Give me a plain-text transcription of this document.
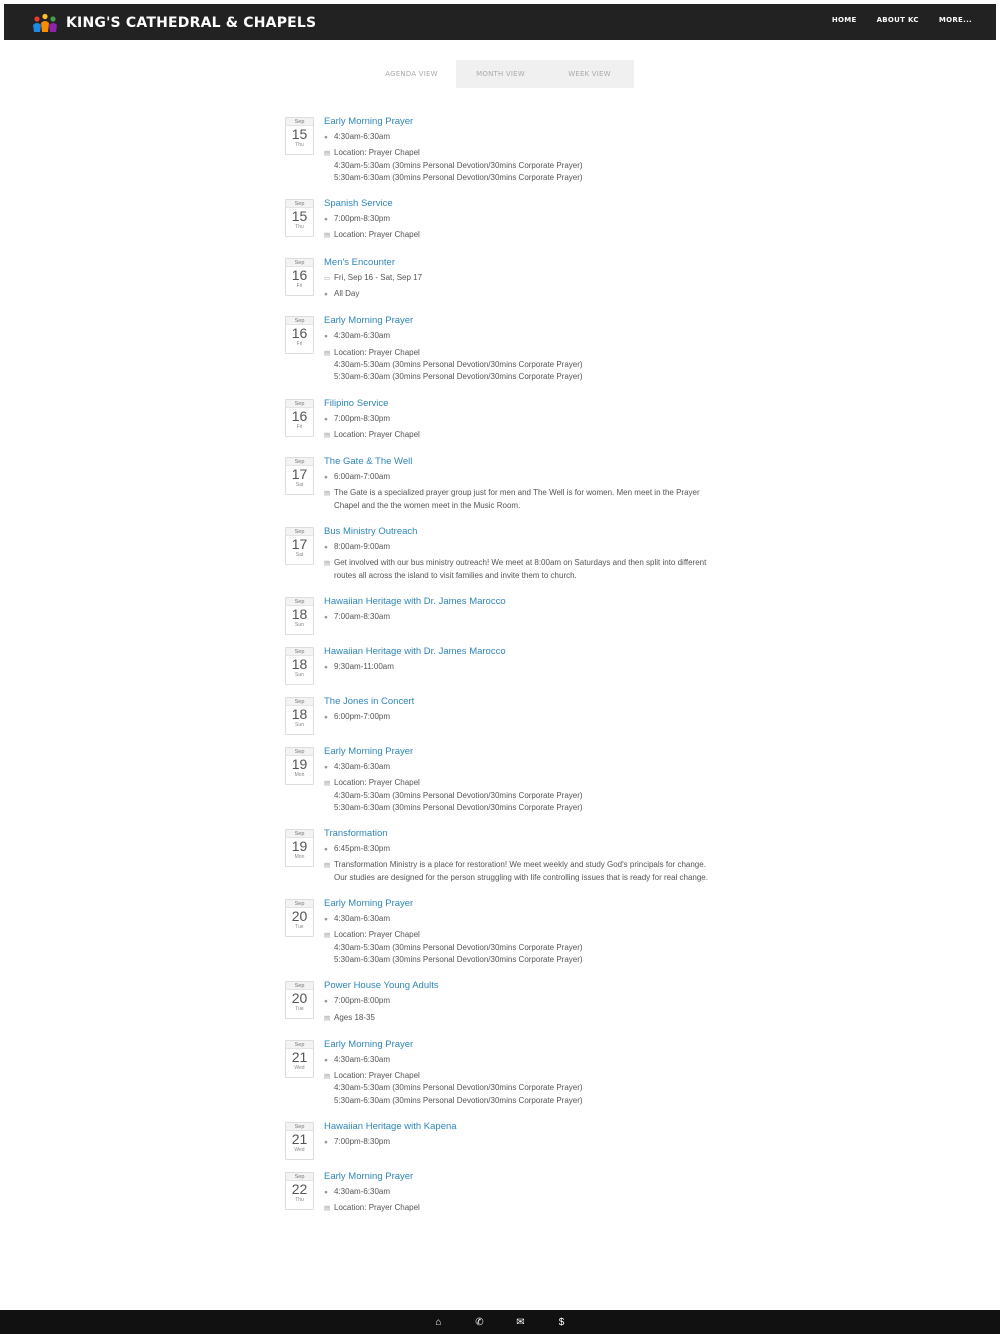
KING'S CATHEDRAL & CHAPELS	HOME	ABOUT KC	MORE...
AGENDA VIEW	MONTH VIEW	WEEK VIEW
Sep
15
Thu
Early Morning Prayer
● 4:30am-6:30am
▤ Location: Prayer Chapel
4:30am-5:30am (30mins Personal Devotion/30mins Corporate Prayer)
5:30am-6:30am (30mins Personal Devotion/30mins Corporate Prayer)
Sep
15
Thu
Spanish Service
● 7:00pm-8:30pm
▤ Location: Prayer Chapel
Sep
16
Fri
Men's Encounter
▭ Fri, Sep 16 - Sat, Sep 17
● All Day
Sep
16
Fri
Early Morning Prayer
● 4:30am-6:30am
▤ Location: Prayer Chapel
4:30am-5:30am (30mins Personal Devotion/30mins Corporate Prayer)
5:30am-6:30am (30mins Personal Devotion/30mins Corporate Prayer)
Sep
16
Fri
Filipino Service
● 7:00pm-8:30pm
▤ Location: Prayer Chapel
Sep
17
Sat
The Gate & The Well
● 6:00am-7:00am
▤ The Gate is a specialized prayer group just for men and The Well is for women. Men meet in the Prayer Chapel and the the women meet in the Music Room.
Sep
17
Sat
Bus Ministry Outreach
● 8:00am-9:00am
▤ Get involved with our bus ministry outreach! We meet at 8:00am on Saturdays and then split into different routes all across the island to visit families and invite them to church.
Sep
18
Sun
Hawaiian Heritage with Dr. James Marocco
● 7:00am-8:30am
Sep
18
Sun
Hawaiian Heritage with Dr. James Marocco
● 9:30am-11:00am
Sep
18
Sun
The Jones in Concert
● 6:00pm-7:00pm
Sep
19
Mon
Early Morning Prayer
● 4:30am-6:30am
▤ Location: Prayer Chapel
4:30am-5:30am (30mins Personal Devotion/30mins Corporate Prayer)
5:30am-6:30am (30mins Personal Devotion/30mins Corporate Prayer)
Sep
19
Mon
Transformation
● 6:45pm-8:30pm
▤ Transformation Ministry is a place for restoration! We meet weekly and study God's principals for change. Our studies are designed for the person struggling with life controlling issues that is ready for real change.
Sep
20
Tue
Early Morning Prayer
● 4:30am-6:30am
▤ Location: Prayer Chapel
4:30am-5:30am (30mins Personal Devotion/30mins Corporate Prayer)
5:30am-6:30am (30mins Personal Devotion/30mins Corporate Prayer)
Sep
20
Tue
Power House Young Adults
● 7:00pm-8:00pm
▤ Ages 18-35
Sep
21
Wed
Early Morning Prayer
● 4:30am-6:30am
▤ Location: Prayer Chapel
4:30am-5:30am (30mins Personal Devotion/30mins Corporate Prayer)
5:30am-6:30am (30mins Personal Devotion/30mins Corporate Prayer)
Sep
21
Wed
Hawaiian Heritage with Kapena
● 7:00pm-8:30pm
Sep
22
Thu
Early Morning Prayer
● 4:30am-6:30am
▤ Location: Prayer Chapel
⌂	✆	✉	$
